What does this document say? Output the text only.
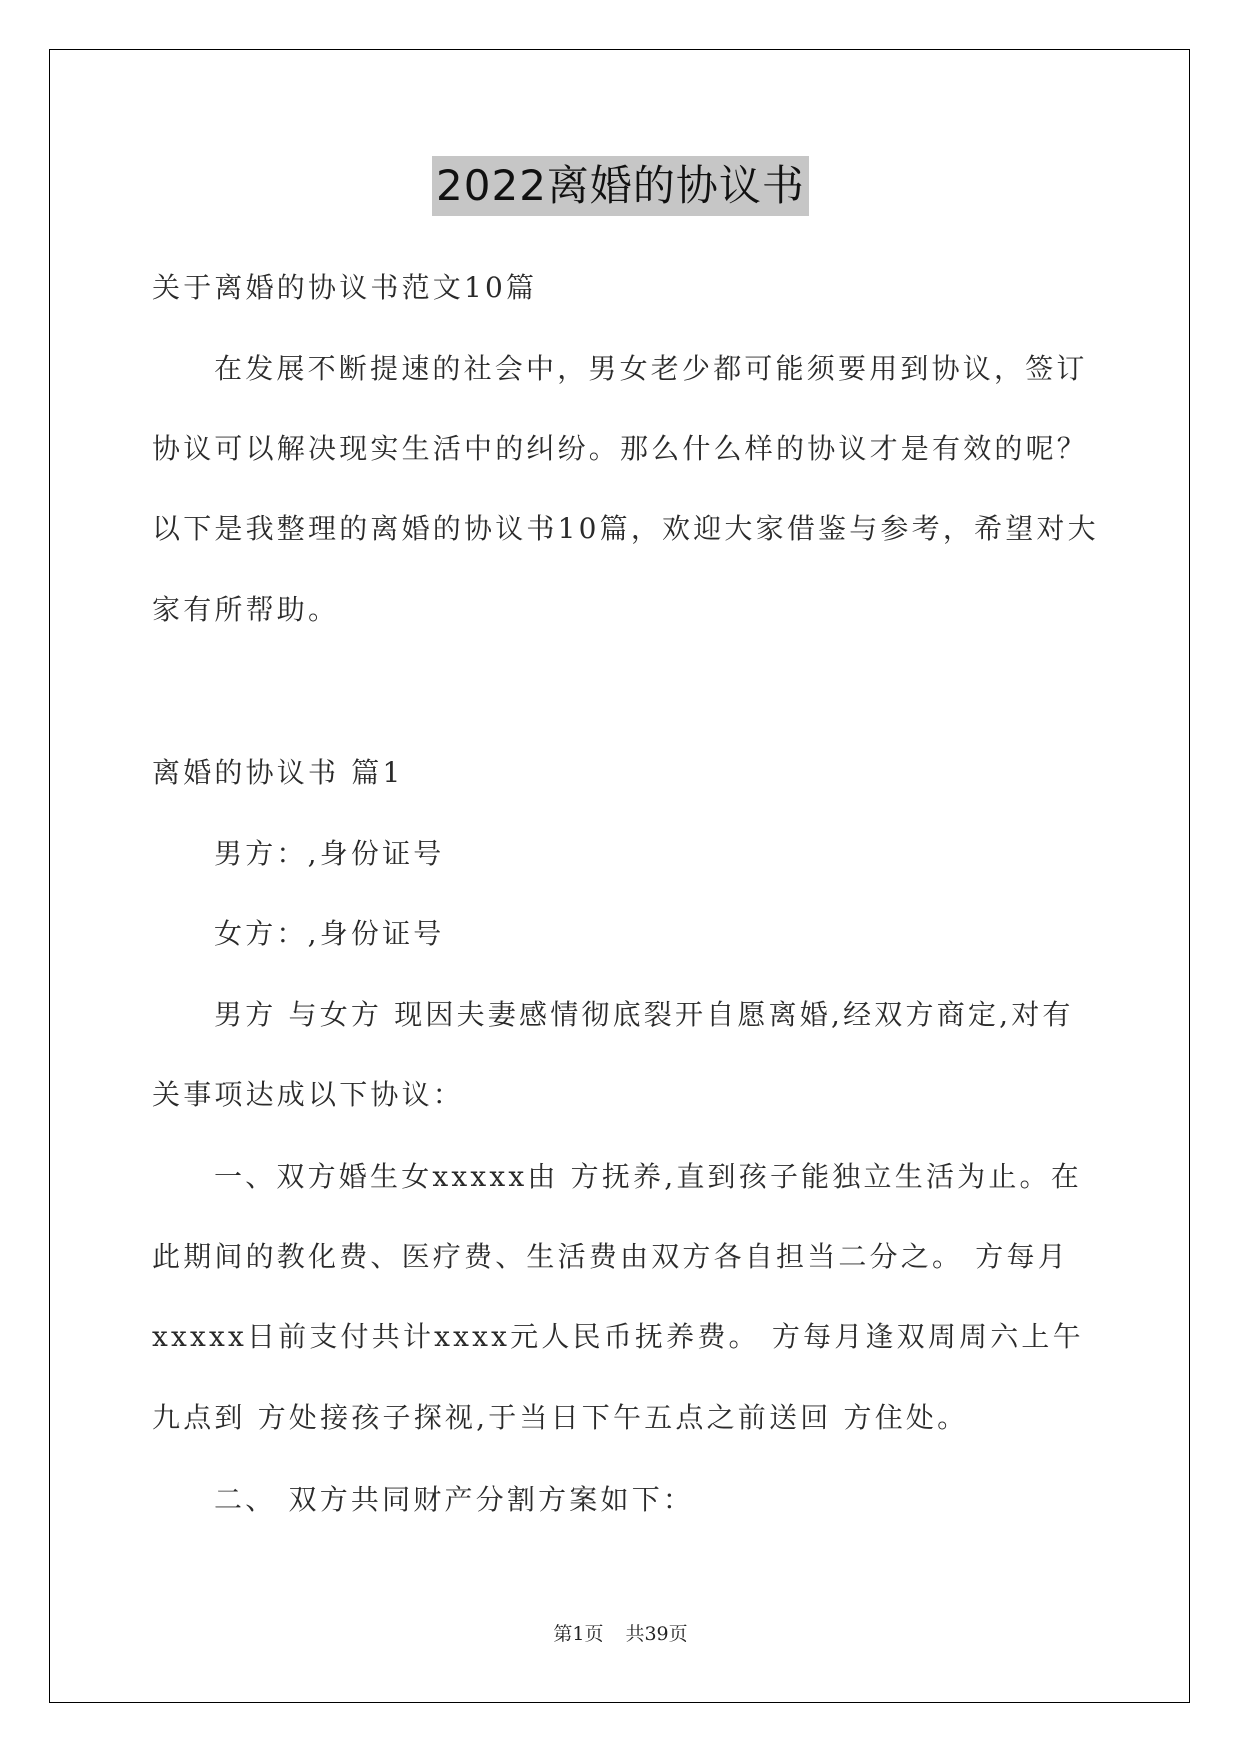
2022离婚的协议书
关于离婚的协议书范文10篇
在发展不断提速的社会中，男女老少都可能须要用到协议，签订
协议可以解决现实生活中的纠纷。那么什么样的协议才是有效的呢？
以下是我整理的离婚的协议书10篇，欢迎大家借鉴与参考，希望对大
家有所帮助。
离婚的协议书 篇1
男方：,身份证号
女方：,身份证号
男方 与女方 现因夫妻感情彻底裂开自愿离婚,经双方商定,对有
关事项达成以下协议：
一、双方婚生女xxxxx由 方抚养,直到孩子能独立生活为止。在
此期间的教化费、医疗费、生活费由双方各自担当二分之。 方每月
xxxxx日前支付共计xxxx元人民币抚养费。 方每月逢双周周六上午
九点到 方处接孩子探视,于当日下午五点之前送回 方住处。
二、 双方共同财产分割方案如下：
第1页 共39页
